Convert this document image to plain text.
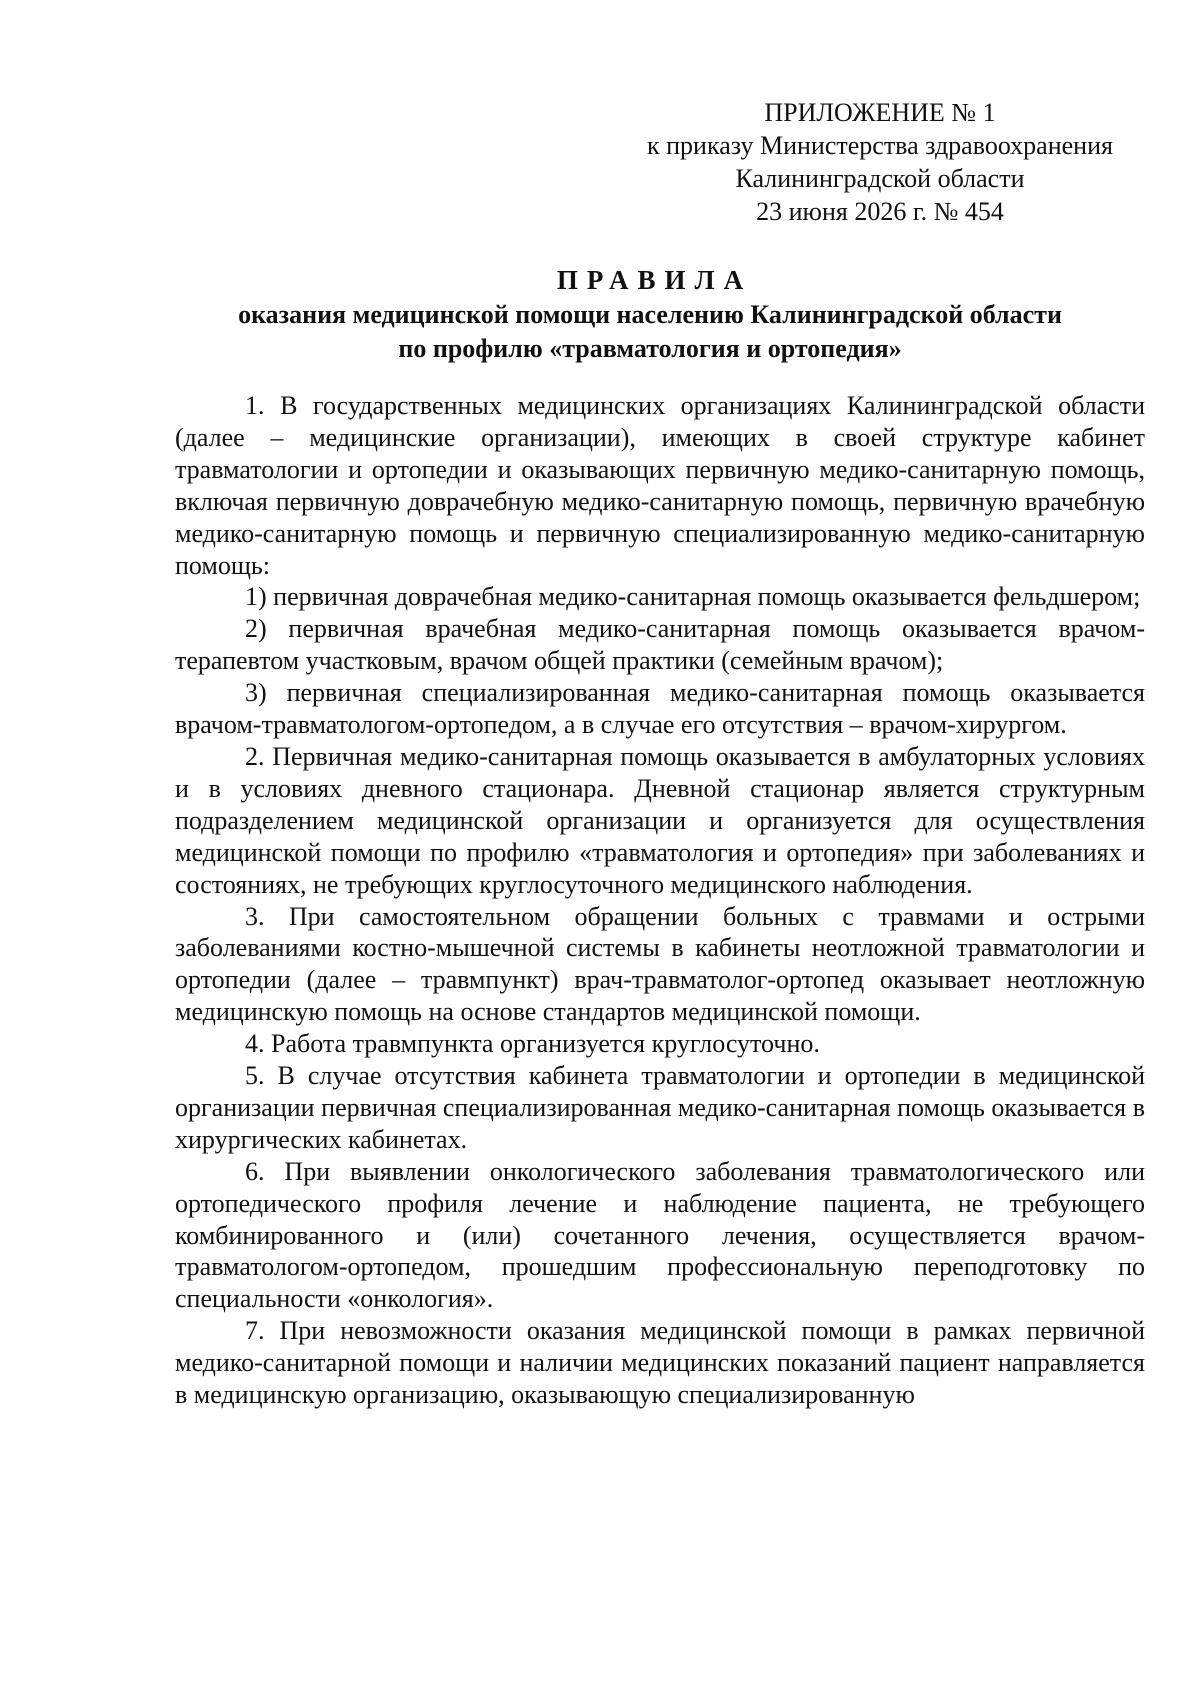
ПРИЛОЖЕНИЕ № 1
к приказу Министерства здравоохранения
Калининградской области
23 июня 2026 г. № 454
ПРАВИЛА
оказания медицинской помощи населению Калининградской области
по профилю «травматология и ортопедия»

1. В государственных медицинских организациях Калининградской области (далее – медицинские организации), имеющих в своей структуре кабинет травматологии и ортопедии и оказывающих первичную медико-санитарную помощь, включая первичную доврачебную медико-санитарную помощь, первичную врачебную медико-санитарную помощь и первичную специализированную медико-санитарную помощь:

1) первичная доврачебная медико-санитарная помощь оказывается фельдшером;

2) первичная врачебная медико-санитарная помощь оказывается врачом-терапевтом участковым, врачом общей практики (семейным врачом);

3) первичная специализированная медико-санитарная помощь оказывается врачом-травматологом-ортопедом, а в случае его отсутствия – врачом-хирургом.

2. Первичная медико-санитарная помощь оказывается в амбулаторных условиях и в условиях дневного стационара. Дневной стационар является структурным подразделением медицинской организации и организуется для осуществления медицинской помощи по профилю «травматология и ортопедия» при заболеваниях и состояниях, не требующих круглосуточного медицинского наблюдения.

3. При самостоятельном обращении больных с травмами и острыми заболеваниями костно-мышечной системы в кабинеты неотложной травматологии и ортопедии (далее – травмпункт) врач-травматолог-ортопед оказывает неотложную медицинскую помощь на основе стандартов медицинской помощи.

4. Работа травмпункта организуется круглосуточно.

5. В случае отсутствия кабинета травматологии и ортопедии в медицинской организации первичная специализированная медико-санитарная помощь оказывается в хирургических кабинетах.

6. При выявлении онкологического заболевания травматологического или ортопедического профиля лечение и наблюдение пациента, не требующего комбинированного и (или) сочетанного лечения, осуществляется врачом-травматологом-ортопедом, прошедшим профессиональную переподготовку по специальности «онкология».

7. При невозможности оказания медицинской помощи в рамках первичной медико-санитарной помощи и наличии медицинских показаний пациент направляется в медицинскую организацию, оказывающую специализированную
